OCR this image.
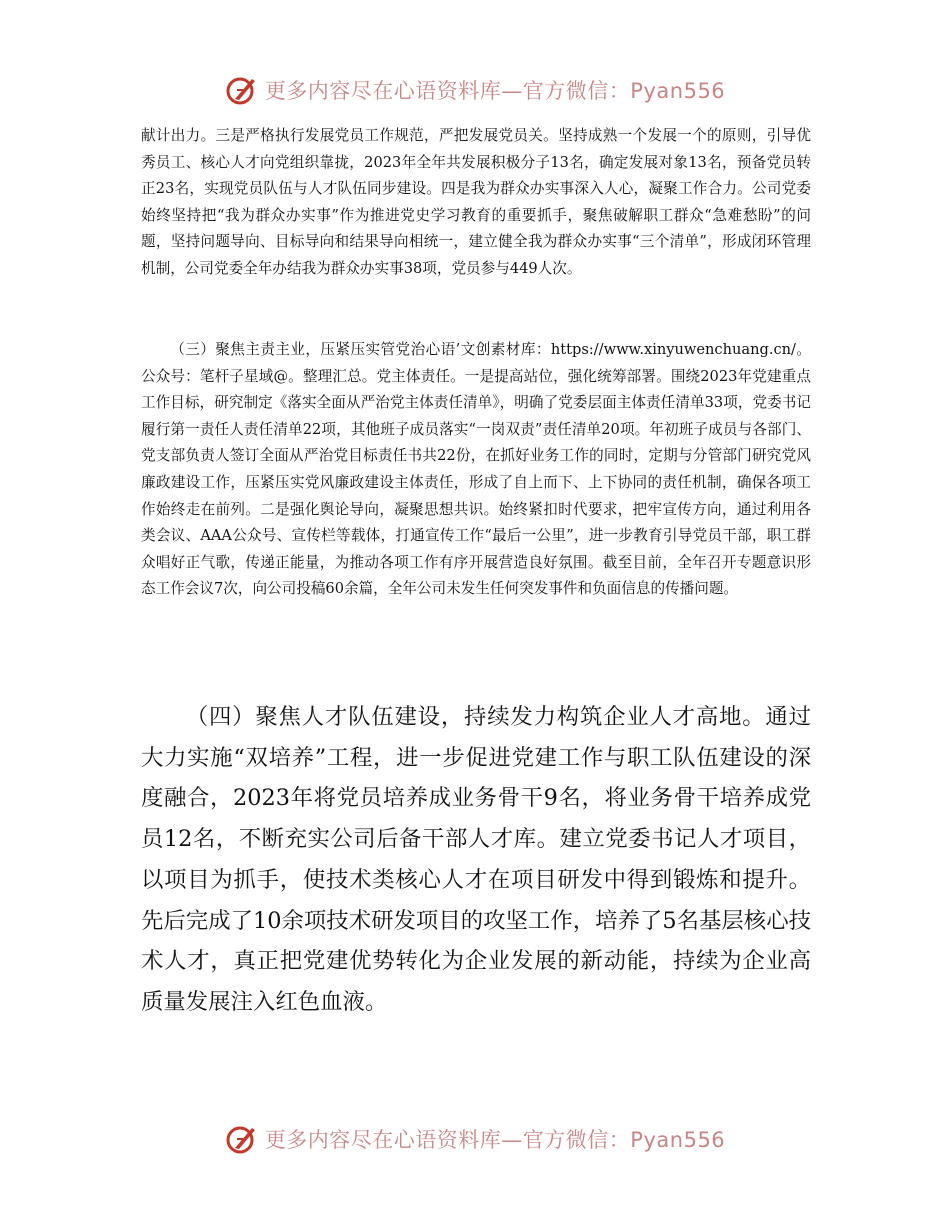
更多内容尽在心语资料库—官方微信：Pyan556

献计出力。三是严格执行发展党员工作规范，严把发展党员关。坚持成熟一个发展一个的原则，引导优秀员工、核心人才向党组织靠拢，2023年全年共发展积极分子13名，确定发展对象13名，预备党员转正23名，实现党员队伍与人才队伍同步建设。四是我为群众办实事深入人心，凝聚工作合力。公司党委始终坚持把“我为群众办实事”作为推进党史学习教育的重要抓手，聚焦破解职工群众“急难愁盼”的问题，坚持问题导向、目标导向和结果导向相统一，建立健全我为群众办实事“三个清单”，形成闭环管理机制，公司党委全年办结我为群众办实事38项，党员参与449人次。

（三）聚焦主责主业，压紧压实管党治心语’文创素材库：https://www.xinyuwenchuang.cn/。公众号：笔杆子星域@。整理汇总。党主体责任。一是提高站位，强化统筹部署。围绕2023年党建重点工作目标，研究制定《落实全面从严治党主体责任清单》，明确了党委层面主体责任清单33项，党委书记履行第一责任人责任清单22项，其他班子成员落实“一岗双责”责任清单20项。年初班子成员与各部门、党支部负责人签订全面从严治党目标责任书共22份，在抓好业务工作的同时，定期与分管部门研究党风廉政建设工作，压紧压实党风廉政建设主体责任，形成了自上而下、上下协同的责任机制，确保各项工作始终走在前列。二是强化舆论导向，凝聚思想共识。始终紧扣时代要求，把牢宣传方向，通过利用各类会议、AAA公众号、宣传栏等载体，打通宣传工作“最后一公里”，进一步教育引导党员干部，职工群众唱好正气歌，传递正能量，为推动各项工作有序开展营造良好氛围。截至目前，全年召开专题意识形态工作会议7次，向公司投稿60余篇，全年公司未发生任何突发事件和负面信息的传播问题。

（四）聚焦人才队伍建设，持续发力构筑企业人才高地。通过大力实施“双培养”工程，进一步促进党建工作与职工队伍建设的深度融合，2023年将党员培养成业务骨干9名，将业务骨干培养成党员12名，不断充实公司后备干部人才库。建立党委书记人才项目，以项目为抓手，使技术类核心人才在项目研发中得到锻炼和提升。先后完成了10余项技术研发项目的攻坚工作，培养了5名基层核心技术人才，真正把党建优势转化为企业发展的新动能，持续为企业高质量发展注入红色血液。

更多内容尽在心语资料库—官方微信：Pyan556
